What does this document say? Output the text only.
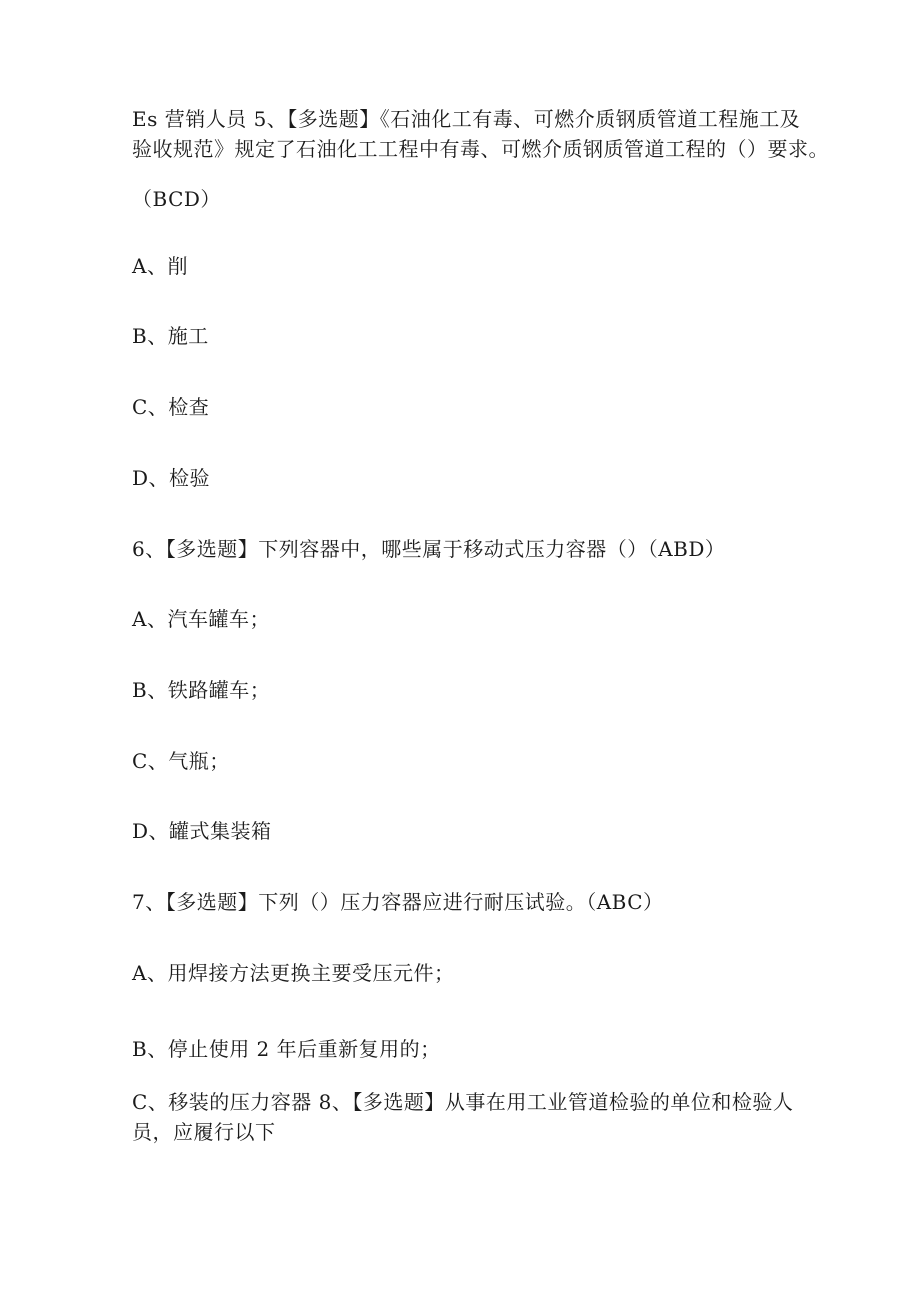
Es 营销人员 5、【多选题】《石油化工有毒、可燃介质钢质管道工程施工及

验收规范》规定了石油化工工程中有毒、可燃介质钢质管道工程的（）要求。

（BCD）

A、削

B、施工

C、检查

D、检验

6、【多选题】下列容器中，哪些属于移动式压力容器（）（ABD）

A、汽车罐车；

B、铁路罐车；

C、气瓶；

D、罐式集装箱

7、【多选题】下列（）压力容器应进行耐压试验。（ABC）

A、用焊接方法更换主要受压元件；

B、停止使用 2 年后重新复用的；

C、移装的压力容器 8、【多选题】从事在用工业管道检验的单位和检验人

员，应履行以下
